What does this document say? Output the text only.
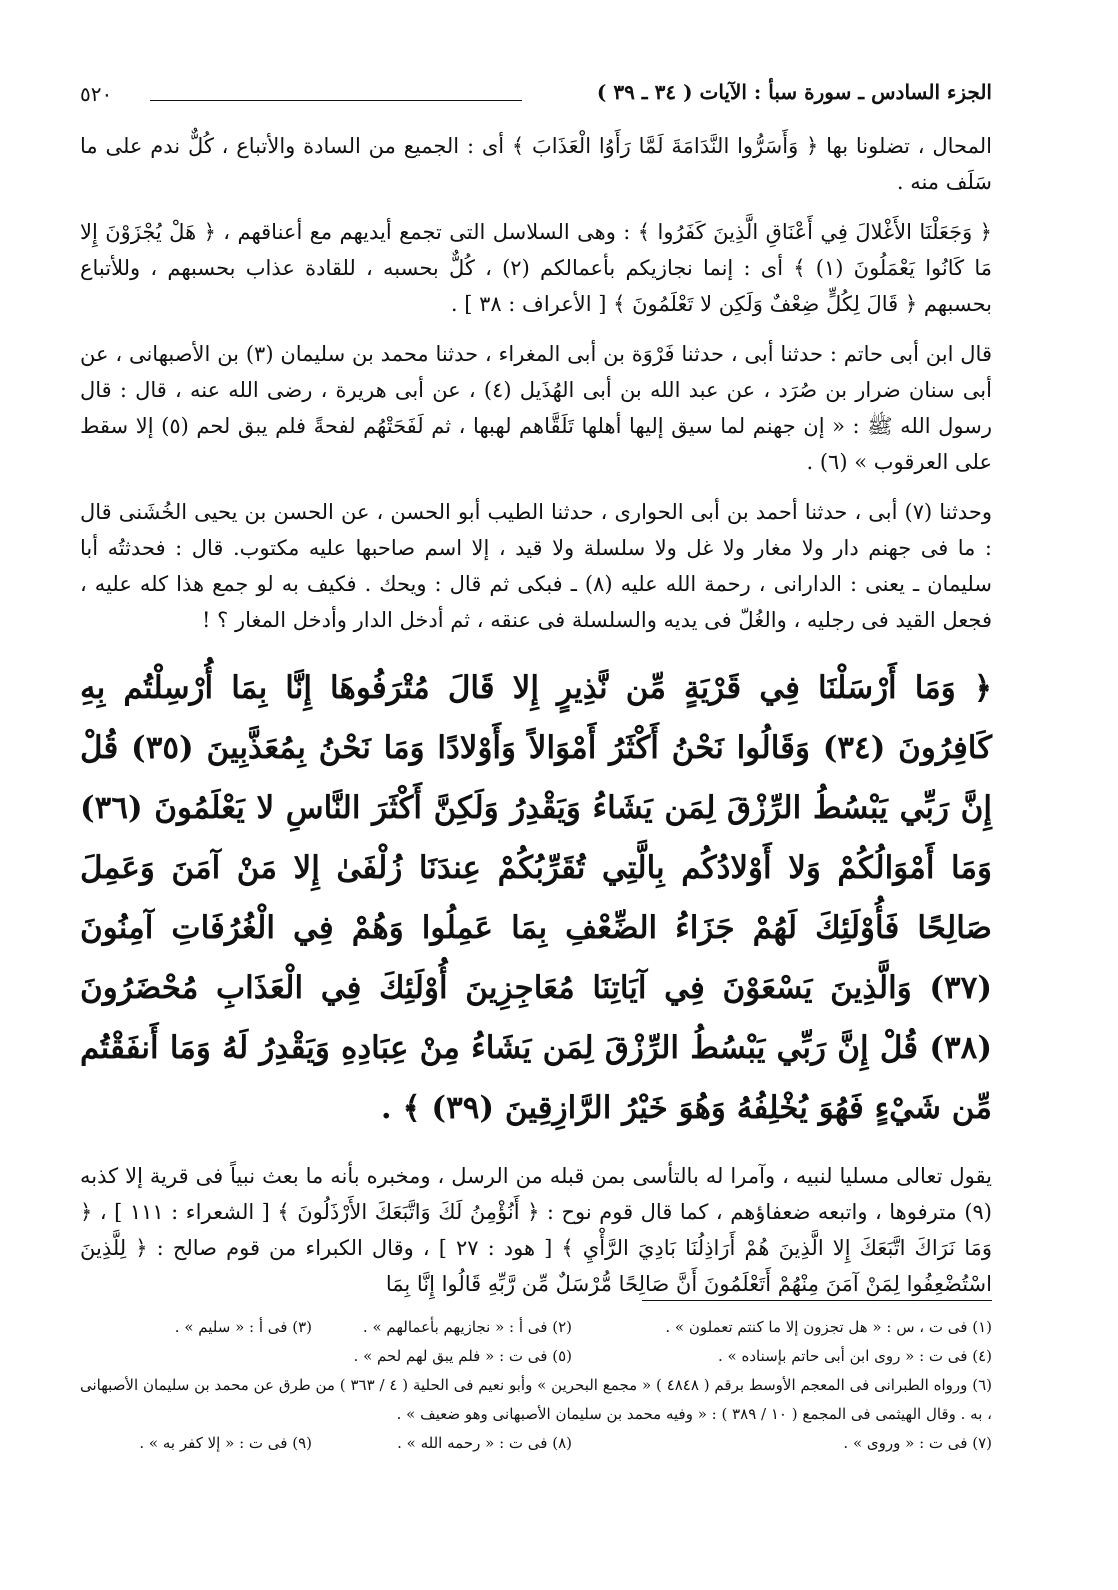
الجزء السادس ـ سورة سبأ : الآيات ( ٣٤ ـ ٣٩ )
٥٢٠

المحال ، تضلونا بها ﴿ وَأَسَرُّوا النَّدَامَةَ لَمَّا رَأَوُا الْعَذَابَ ﴾ أى : الجميع من السادة والأتباع ، كُلٌّ ندم على ما سَلَف منه .

﴿ وَجَعَلْنَا الأَغْلالَ فِي أَعْنَاقِ الَّذِينَ كَفَرُوا ﴾ : وهى السلاسل التى تجمع أيديهم مع أعناقهم ، ﴿ هَلْ يُجْزَوْنَ إِلا مَا كَانُوا يَعْمَلُونَ (١) ﴾ أى : إنما نجازيكم بأعمالكم (٢) ، كُلٌّ بحسبه ، للقادة عذاب بحسبهم ، وللأتباع بحسبهم ﴿ قَالَ لِكُلٍّ ضِعْفٌ وَلَكِن لا تَعْلَمُونَ ﴾ [ الأعراف : ٣٨ ] .

قال ابن أبى حاتم : حدثنا أبى ، حدثنا فَرْوَة بن أبى المغراء ، حدثنا محمد بن سليمان (٣) بن الأصبهانى ، عن أبى سنان ضرار بن صُرَد ، عن عبد الله بن أبى الهُذَيل (٤) ، عن أبى هريرة ، رضى الله عنه ، قال : قال رسول الله ﷺ : « إن جهنم لما سيق إليها أهلها تَلَقَّاهم لهبها ، ثم لَفَحَتْهُم لفحةً فلم يبق لحم (٥) إلا سقط على العرقوب » (٦) .

وحدثنا (٧) أبى ، حدثنا أحمد بن أبى الحوارى ، حدثنا الطيب أبو الحسن ، عن الحسن بن يحيى الخُشَنى قال : ما فى جهنم دار ولا مغار ولا غل ولا سلسلة ولا قيد ، إلا اسم صاحبها عليه مكتوب. قال : فحدثتُه أبا سليمان ـ يعنى : الدارانى ، رحمة الله عليه (٨) ـ فبكى ثم قال : ويحك . فكيف به لو جمع هذا كله عليه ، فجعل القيد فى رجليه ، والغُلّ فى يديه والسلسلة فى عنقه ، ثم أدخل الدار وأدخل المغار ؟ !

﴿ وَمَا أَرْسَلْنَا فِي قَرْيَةٍ مِّن نَّذِيرٍ إِلا قَالَ مُتْرَفُوهَا إِنَّا بِمَا أُرْسِلْتُم بِهِ كَافِرُونَ (٣٤) وَقَالُوا نَحْنُ أَكْثَرُ أَمْوَالاً وَأَوْلادًا وَمَا نَحْنُ بِمُعَذَّبِينَ (٣٥) قُلْ إِنَّ رَبِّي يَبْسُطُ الرِّزْقَ لِمَن يَشَاءُ وَيَقْدِرُ وَلَكِنَّ أَكْثَرَ النَّاسِ لا يَعْلَمُونَ (٣٦) وَمَا أَمْوَالُكُمْ وَلا أَوْلادُكُم بِالَّتِي تُقَرِّبُكُمْ عِندَنَا زُلْفَىٰ إِلا مَنْ آمَنَ وَعَمِلَ صَالِحًا فَأُوْلَئِكَ لَهُمْ جَزَاءُ الضِّعْفِ بِمَا عَمِلُوا وَهُمْ فِي الْغُرُفَاتِ آمِنُونَ (٣٧) وَالَّذِينَ يَسْعَوْنَ فِي آيَاتِنَا مُعَاجِزِينَ أُوْلَئِكَ فِي الْعَذَابِ مُحْضَرُونَ (٣٨) قُلْ إِنَّ رَبِّي يَبْسُطُ الرِّزْقَ لِمَن يَشَاءُ مِنْ عِبَادِهِ وَيَقْدِرُ لَهُ وَمَا أَنفَقْتُم مِّن شَيْءٍ فَهُوَ يُخْلِفُهُ وَهُوَ خَيْرُ الرَّازِقِينَ (٣٩) ﴾ .

يقول تعالى مسليا لنبيه ، وآمرا له بالتأسى بمن قبله من الرسل ، ومخبره بأنه ما بعث نبياً فى قرية إلا كذبه (٩) مترفوها ، واتبعه ضعفاؤهم ، كما قال قوم نوح : ﴿ أَنُؤْمِنُ لَكَ وَاتَّبَعَكَ الأَرْذَلُونَ ﴾ [ الشعراء : ١١١ ] ، ﴿ وَمَا نَرَاكَ اتَّبَعَكَ إِلا الَّذِينَ هُمْ أَرَاذِلُنَا بَادِيَ الرَّأْيِ ﴾ [ هود : ٢٧ ] ، وقال الكبراء من قوم صالح : ﴿ لِلَّذِينَ اسْتُضْعِفُوا لِمَنْ آمَنَ مِنْهُمْ أَتَعْلَمُونَ أَنَّ صَالِحًا مُّرْسَلٌ مِّن رَّبِّهِ قَالُوا إِنَّا بِمَا

(١) فى ت ، س : « هل تجزون إلا ما كنتم تعملون » .
(٢) فى أ : « نجازيهم بأعمالهم » .
(٣) فى أ : « سليم » .
(٤) فى ت : « روى ابن أبى حاتم بإسناده » .
(٥) فى ت : « فلم يبق لهم لحم » .
(٦) ورواه الطبرانى فى المعجم الأوسط برقم ( ٤٨٤٨ ) « مجمع البحرين » وأبو نعيم فى الحلية ( ٤ / ٣٦٣ ) من طرق عن محمد بن سليمان الأصبهانى ، به . وقال الهيثمى فى المجمع ( ١٠ / ٣٨٩ ) : « وفيه محمد بن سليمان الأصبهانى وهو ضعيف » .
(٧) فى ت : « وروى » .
(٨) فى ت : « رحمه الله » .
(٩) فى ت : « إلا كفر به » .
